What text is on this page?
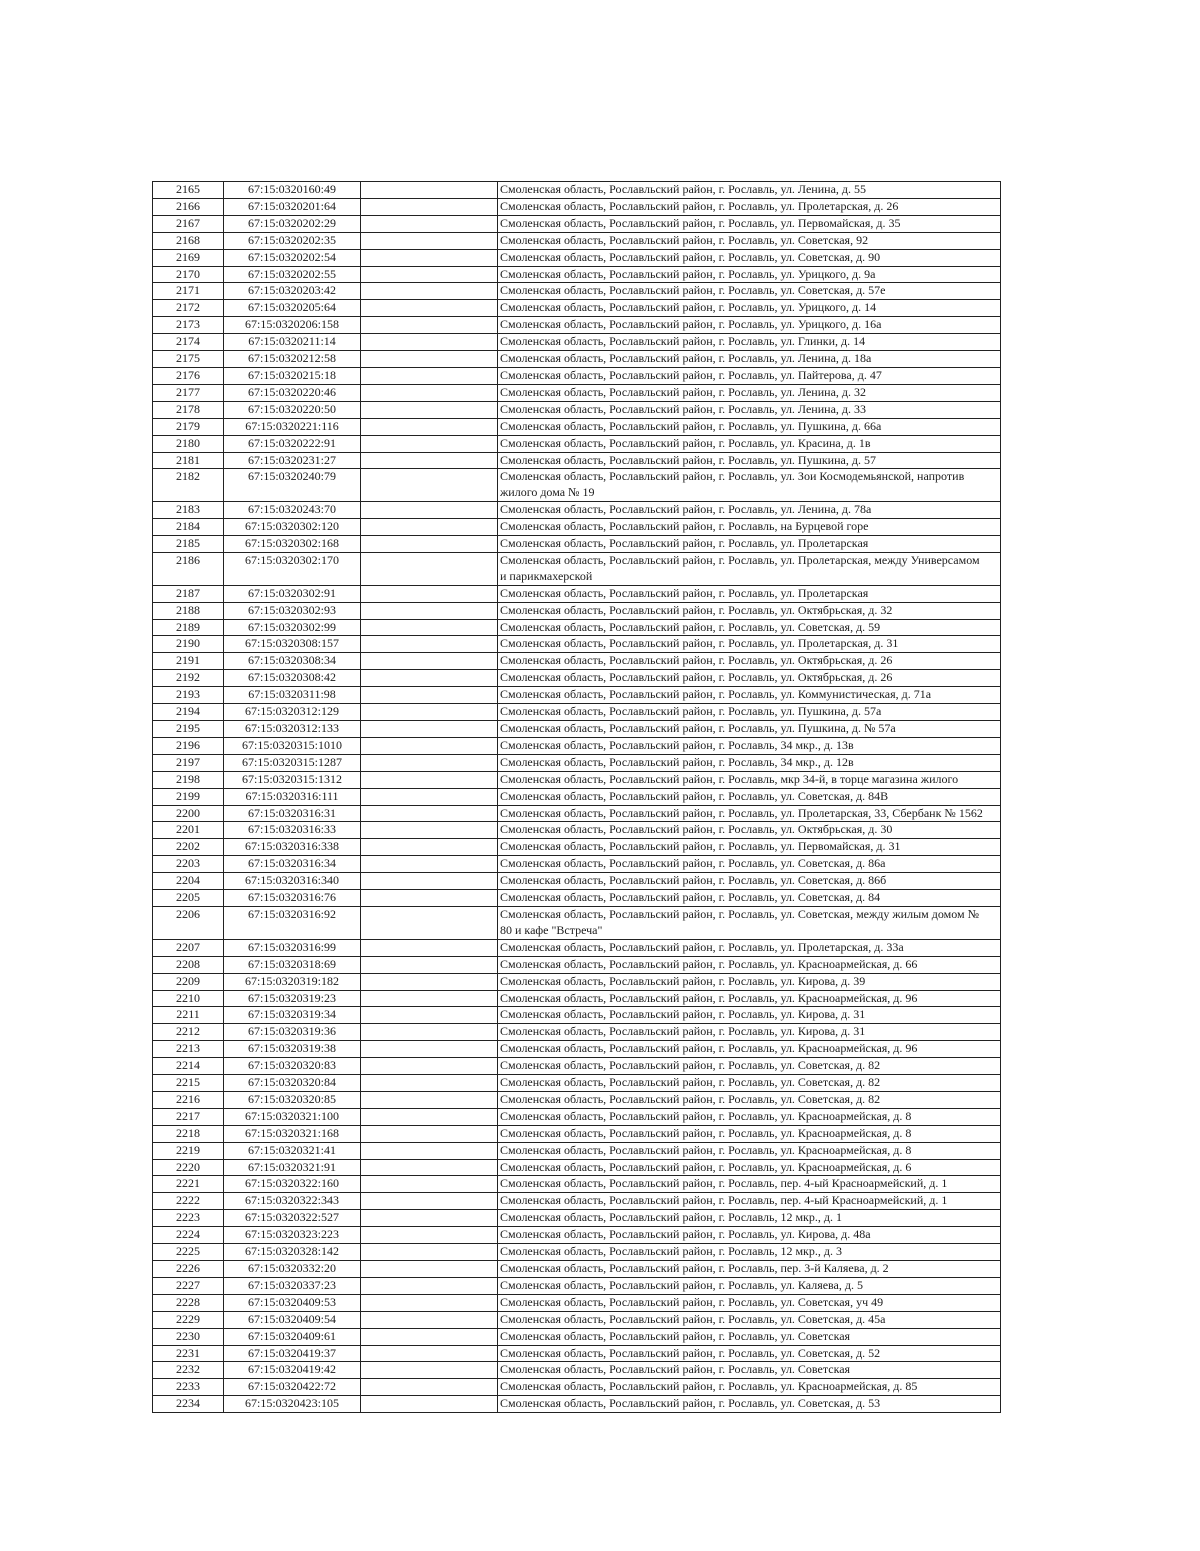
2165	67:15:0320160:49		Смоленская область, Рославльский район, г. Рославль, ул. Ленина, д. 55
2166	67:15:0320201:64		Смоленская область, Рославльский район, г. Рославль, ул. Пролетарская, д. 26
2167	67:15:0320202:29		Смоленская область, Рославльский район, г. Рославль, ул. Первомайская, д. 35
2168	67:15:0320202:35		Смоленская область, Рославльский район, г. Рославль, ул. Советская, 92
2169	67:15:0320202:54		Смоленская область, Рославльский район, г. Рославль, ул. Советская, д. 90
2170	67:15:0320202:55		Смоленская область, Рославльский район, г. Рославль, ул. Урицкого, д. 9а
2171	67:15:0320203:42		Смоленская область, Рославльский район, г. Рославль, ул. Советская, д. 57е
2172	67:15:0320205:64		Смоленская область, Рославльский район, г. Рославль, ул. Урицкого, д. 14
2173	67:15:0320206:158		Смоленская область, Рославльский район, г. Рославль, ул. Урицкого, д. 16а
2174	67:15:0320211:14		Смоленская область, Рославльский район, г. Рославль, ул. Глинки, д. 14
2175	67:15:0320212:58		Смоленская область, Рославльский район, г. Рославль, ул. Ленина, д. 18а
2176	67:15:0320215:18		Смоленская область, Рославльский район, г. Рославль, ул. Пайтерова, д. 47
2177	67:15:0320220:46		Смоленская область, Рославльский район, г. Рославль, ул. Ленина, д. 32
2178	67:15:0320220:50		Смоленская область, Рославльский район, г. Рославль, ул. Ленина, д. 33
2179	67:15:0320221:116		Смоленская область, Рославльский район, г. Рославль, ул. Пушкина, д. 66а
2180	67:15:0320222:91		Смоленская область, Рославльский район, г. Рославль, ул. Красина, д. 1в
2181	67:15:0320231:27		Смоленская область, Рославльский район, г. Рославль, ул. Пушкина, д. 57
2182	67:15:0320240:79		Смоленская область, Рославльский район, г. Рославль, ул. Зои Космодемьянской, напротив жилого дома № 19
2183	67:15:0320243:70		Смоленская область, Рославльский район, г. Рославль, ул. Ленина, д. 78а
2184	67:15:0320302:120		Смоленская область, Рославльский район, г. Рославль, на Бурцевой горе
2185	67:15:0320302:168		Смоленская область, Рославльский район, г. Рославль, ул. Пролетарская
2186	67:15:0320302:170		Смоленская область, Рославльский район, г. Рославль, ул. Пролетарская, между Универсамом и парикмахерской
2187	67:15:0320302:91		Смоленская область, Рославльский район, г. Рославль, ул. Пролетарская
2188	67:15:0320302:93		Смоленская область, Рославльский район, г. Рославль, ул. Октябрьская, д. 32
2189	67:15:0320302:99		Смоленская область, Рославльский район, г. Рославль, ул. Советская, д. 59
2190	67:15:0320308:157		Смоленская область, Рославльский район, г. Рославль, ул. Пролетарская, д. 31
2191	67:15:0320308:34		Смоленская область, Рославльский район, г. Рославль, ул. Октябрьская, д. 26
2192	67:15:0320308:42		Смоленская область, Рославльский район, г. Рославль, ул. Октябрьская, д. 26
2193	67:15:0320311:98		Смоленская область, Рославльский район, г. Рославль, ул. Коммунистическая, д. 71а
2194	67:15:0320312:129		Смоленская область, Рославльский район, г. Рославль, ул. Пушкина, д. 57а
2195	67:15:0320312:133		Смоленская область, Рославльский район, г. Рославль, ул. Пушкина, д. № 57а
2196	67:15:0320315:1010		Смоленская область, Рославльский район, г. Рославль, 34 мкр., д. 13в
2197	67:15:0320315:1287		Смоленская область, Рославльский район, г. Рославль, 34 мкр., д. 12в
2198	67:15:0320315:1312		Смоленская область, Рославльский район, г. Рославль, мкр 34-й, в торце магазина жилого
2199	67:15:0320316:111		Смоленская область, Рославльский район, г. Рославль, ул. Советская, д. 84В
2200	67:15:0320316:31		Смоленская область, Рославльский район, г. Рославль, ул. Пролетарская, 33, Сбербанк № 1562
2201	67:15:0320316:33		Смоленская область, Рославльский район, г. Рославль, ул. Октябрьская, д. 30
2202	67:15:0320316:338		Смоленская область, Рославльский район, г. Рославль, ул. Первомайская, д. 31
2203	67:15:0320316:34		Смоленская область, Рославльский район, г. Рославль, ул. Советская, д. 86а
2204	67:15:0320316:340		Смоленская область, Рославльский район, г. Рославль, ул. Советская, д. 86б
2205	67:15:0320316:76		Смоленская область, Рославльский район, г. Рославль, ул. Советская, д. 84
2206	67:15:0320316:92		Смоленская область, Рославльский район, г. Рославль, ул. Советская, между жилым домом № 80 и кафе "Встреча"
2207	67:15:0320316:99		Смоленская область, Рославльский район, г. Рославль, ул. Пролетарская, д. 33а
2208	67:15:0320318:69		Смоленская область, Рославльский район, г. Рославль, ул. Красноармейская, д. 66
2209	67:15:0320319:182		Смоленская область, Рославльский район, г. Рославль, ул. Кирова, д. 39
2210	67:15:0320319:23		Смоленская область, Рославльский район, г. Рославль, ул. Красноармейская, д. 96
2211	67:15:0320319:34		Смоленская область, Рославльский район, г. Рославль, ул. Кирова, д. 31
2212	67:15:0320319:36		Смоленская область, Рославльский район, г. Рославль, ул. Кирова, д. 31
2213	67:15:0320319:38		Смоленская область, Рославльский район, г. Рославль, ул. Красноармейская, д. 96
2214	67:15:0320320:83		Смоленская область, Рославльский район, г. Рославль, ул. Советская, д. 82
2215	67:15:0320320:84		Смоленская область, Рославльский район, г. Рославль, ул. Советская, д. 82
2216	67:15:0320320:85		Смоленская область, Рославльский район, г. Рославль, ул. Советская, д. 82
2217	67:15:0320321:100		Смоленская область, Рославльский район, г. Рославль, ул. Красноармейская, д. 8
2218	67:15:0320321:168		Смоленская область, Рославльский район, г. Рославль, ул. Красноармейская, д. 8
2219	67:15:0320321:41		Смоленская область, Рославльский район, г. Рославль, ул. Красноармейская, д. 8
2220	67:15:0320321:91		Смоленская область, Рославльский район, г. Рославль, ул. Красноармейская, д. 6
2221	67:15:0320322:160		Смоленская область, Рославльский район, г. Рославль, пер. 4-ый Красноармейский, д. 1
2222	67:15:0320322:343		Смоленская область, Рославльский район, г. Рославль, пер. 4-ый Красноармейский, д. 1
2223	67:15:0320322:527		Смоленская область, Рославльский район, г. Рославль, 12 мкр., д. 1
2224	67:15:0320323:223		Смоленская область, Рославльский район, г. Рославль, ул. Кирова, д. 48а
2225	67:15:0320328:142		Смоленская область, Рославльский район, г. Рославль, 12 мкр., д. 3
2226	67:15:0320332:20		Смоленская область, Рославльский район, г. Рославль, пер. 3-й Каляева, д. 2
2227	67:15:0320337:23		Смоленская область, Рославльский район, г. Рославль, ул. Каляева, д. 5
2228	67:15:0320409:53		Смоленская область, Рославльский район, г. Рославль, ул. Советская, уч 49
2229	67:15:0320409:54		Смоленская область, Рославльский район, г. Рославль, ул. Советская, д. 45а
2230	67:15:0320409:61		Смоленская область, Рославльский район, г. Рославль, ул. Советская
2231	67:15:0320419:37		Смоленская область, Рославльский район, г. Рославль, ул. Советская, д. 52
2232	67:15:0320419:42		Смоленская область, Рославльский район, г. Рославль, ул. Советская
2233	67:15:0320422:72		Смоленская область, Рославльский район, г. Рославль, ул. Красноармейская, д. 85
2234	67:15:0320423:105		Смоленская область, Рославльский район, г. Рославль, ул. Советская, д. 53
